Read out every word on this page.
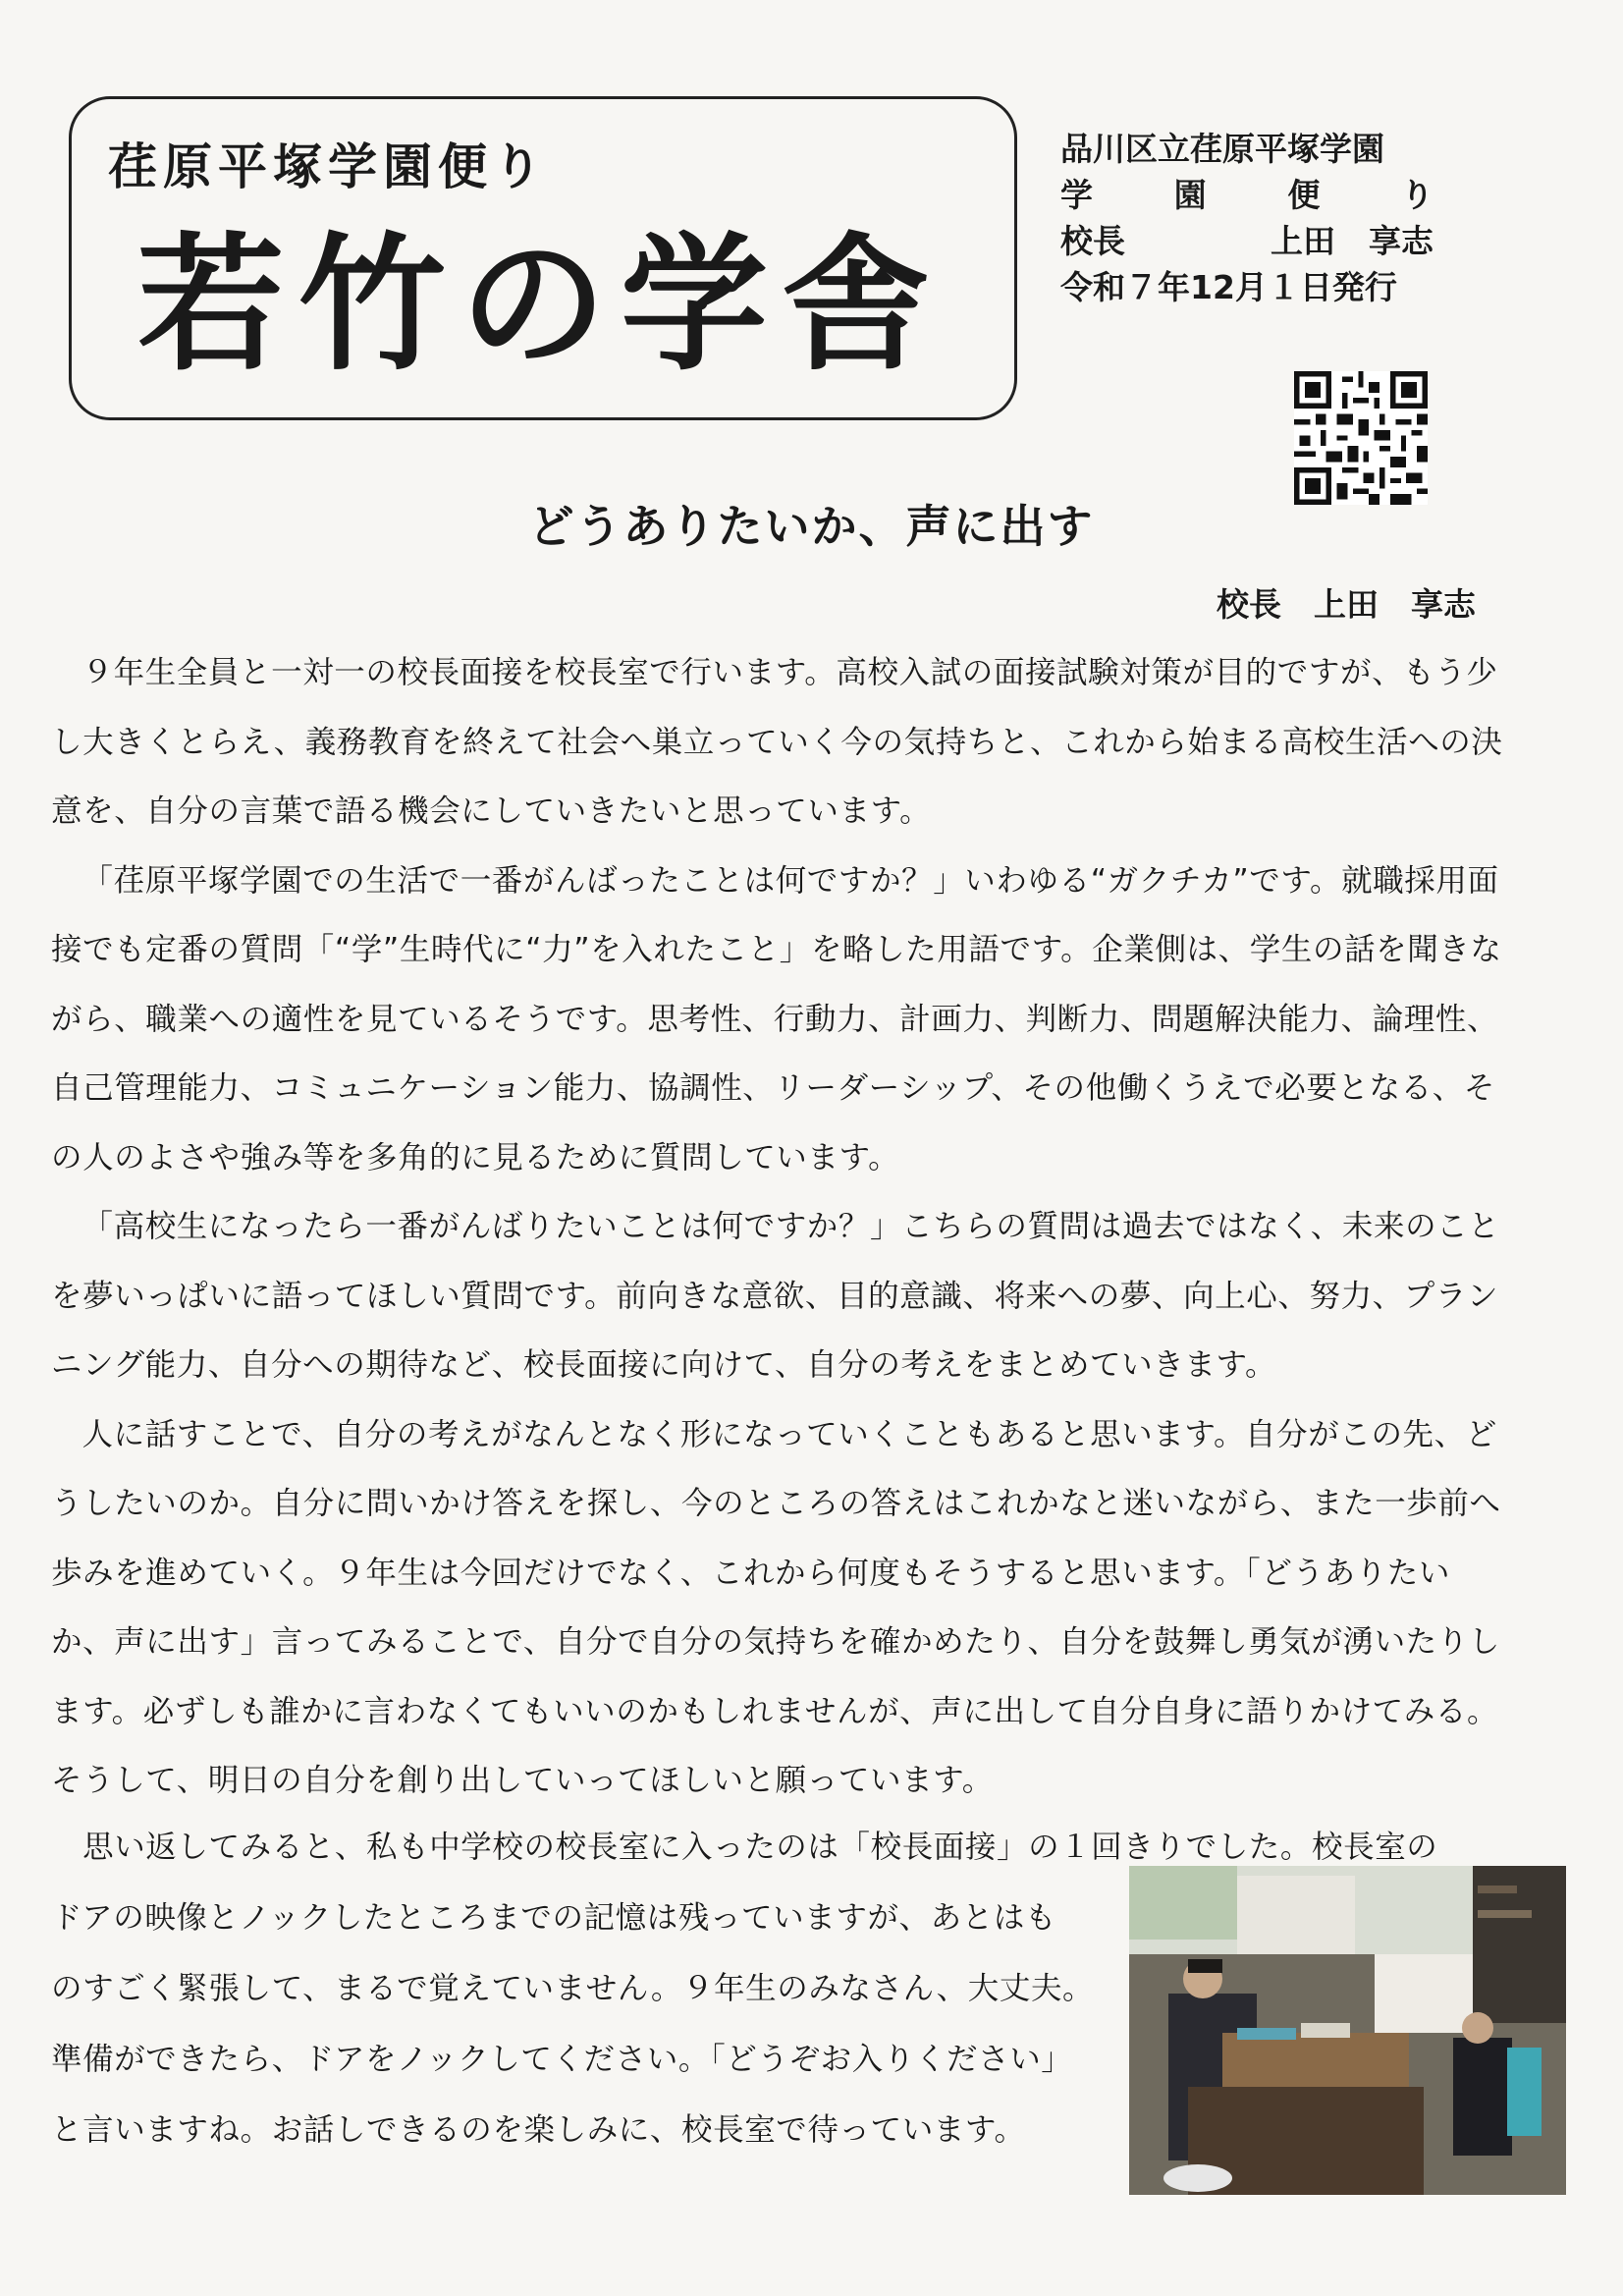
荏原平塚学園便り
若竹の学舎
品川区立荏原平塚学園
学	園	便	り
校長	上田 享志
令和７年12月１日発行
どうありたいか、声に出す
校長　上田　享志

９年生全員と一対一の校長面接を校長室で行います。高校入試の面接試験対策が目的ですが、もう少し大きくとらえ、義務教育を終えて社会へ巣立っていく今の気持ちと、これから始まる高校生活への決意を、自分の言葉で語る機会にしていきたいと思っています。

「荏原平塚学園での生活で一番がんばったことは何ですか？」いわゆる“ガクチカ”です。就職採用面接でも定番の質問「“学”生時代に“力”を入れたこと」を略した用語です。企業側は、学生の話を聞きながら、職業への適性を見ているそうです。思考性、行動力、計画力、判断力、問題解決能力、論理性、自己管理能力、コミュニケーション能力、協調性、リーダーシップ、その他働くうえで必要となる、その人のよさや強み等を多角的に見るために質問しています。

「高校生になったら一番がんばりたいことは何ですか？」こちらの質問は過去ではなく、未来のことを夢いっぱいに語ってほしい質問です。前向きな意欲、目的意識、将来への夢、向上心、努力、プランニング能力、自分への期待など、校長面接に向けて、自分の考えをまとめていきます。

人に話すことで、自分の考えがなんとなく形になっていくこともあると思います。自分がこの先、どうしたいのか。自分に問いかけ答えを探し、今のところの答えはこれかなと迷いながら、また一歩前へ歩みを進めていく。９年生は今回だけでなく、これから何度もそうすると思います。「どうありたいか、声に出す」言ってみることで、自分で自分の気持ちを確かめたり、自分を鼓舞し勇気が湧いたりします。必ずしも誰かに言わなくてもいいのかもしれませんが、声に出して自分自身に語りかけてみる。そうして、明日の自分を創り出していってほしいと願っています。

　思い返してみると、私も中学校の校長室に入ったのは「校長面接」の１回きりでした。校長室の

ドアの映像とノックしたところまでの記憶は残っていますが、あとはも

のすごく緊張して、まるで覚えていません。９年生のみなさん、大丈夫。

準備ができたら、ドアをノックしてください。「どうぞお入りください」

と言いますね。お話しできるのを楽しみに、校長室で待っています。
